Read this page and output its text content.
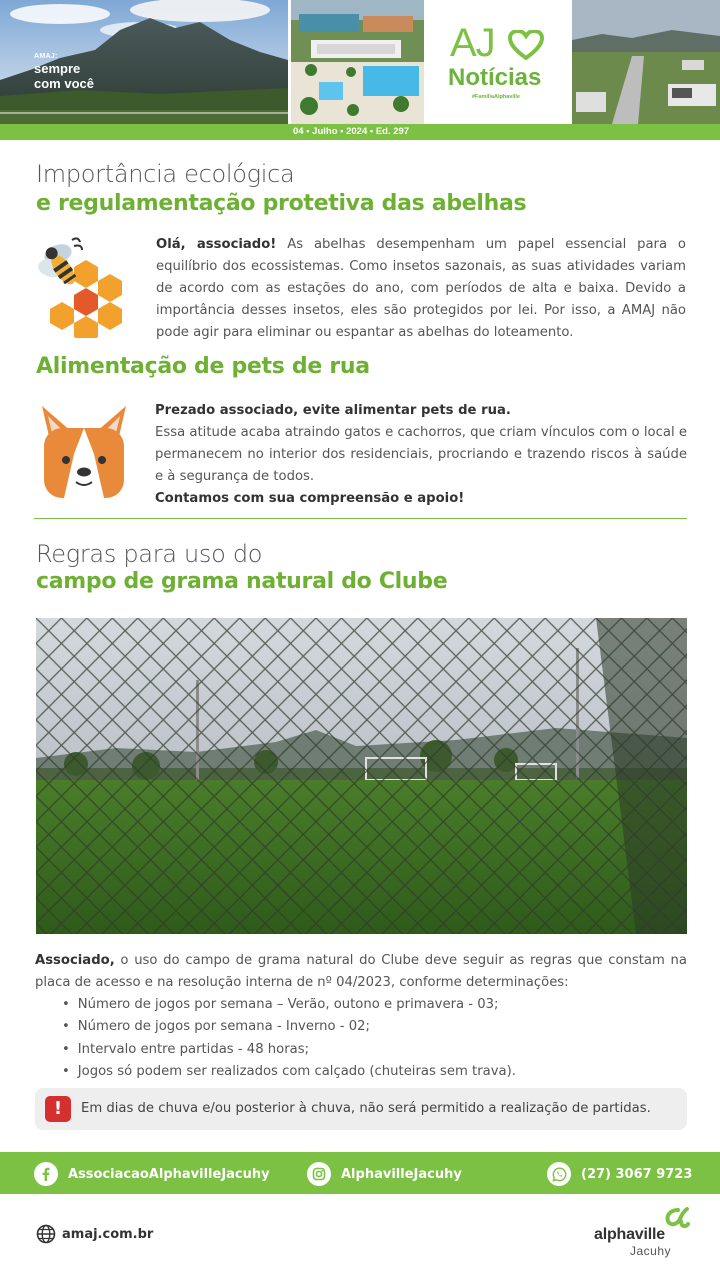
AMAJ:
sempre
com você
AJ
Notícias
#FamíliaAlphaville
04 • Julho • 2024 • Ed. 297
Importância ecológica
e regulamentação protetiva das abelhas
Olá, associado! As abelhas desempenham um papel essencial para o equilíbrio dos ecossistemas. Como insetos sazonais, as suas atividades variam de acordo com as estações do ano, com períodos de alta e baixa. Devido a importância desses insetos, eles são protegidos por lei. Por isso, a AMAJ não pode agir para eliminar ou espantar as abelhas do loteamento.
Alimentação de pets de rua
Prezado associado, evite alimentar pets de rua.
Essa atitude acaba atraindo gatos e cachorros, que criam vínculos com o local e permanecem no interior dos residenciais, procriando e trazendo riscos à saúde e à segurança de todos.
Contamos com sua compreensão e apoio!
Regras para uso do
campo de grama natural do Clube
Associado, o uso do campo de grama natural do Clube deve seguir as regras que constam na placa de acesso e na resolução interna de nº 04/2023, conforme determinações:
• Número de jogos por semana – Verão, outono e primavera - 03;
• Número de jogos por semana - Inverno - 02;
• Intervalo entre partidas - 48 horas;
• Jogos só podem ser realizados com calçado (chuteiras sem trava).
!	Em dias de chuva e/ou posterior à chuva, não será permitido a realização de partidas.
AssociacaoAlphavilleJacuhy	AlphavilleJacuhy	(27) 3067 9723
amaj.com.br	alphaville
Jacuhy
